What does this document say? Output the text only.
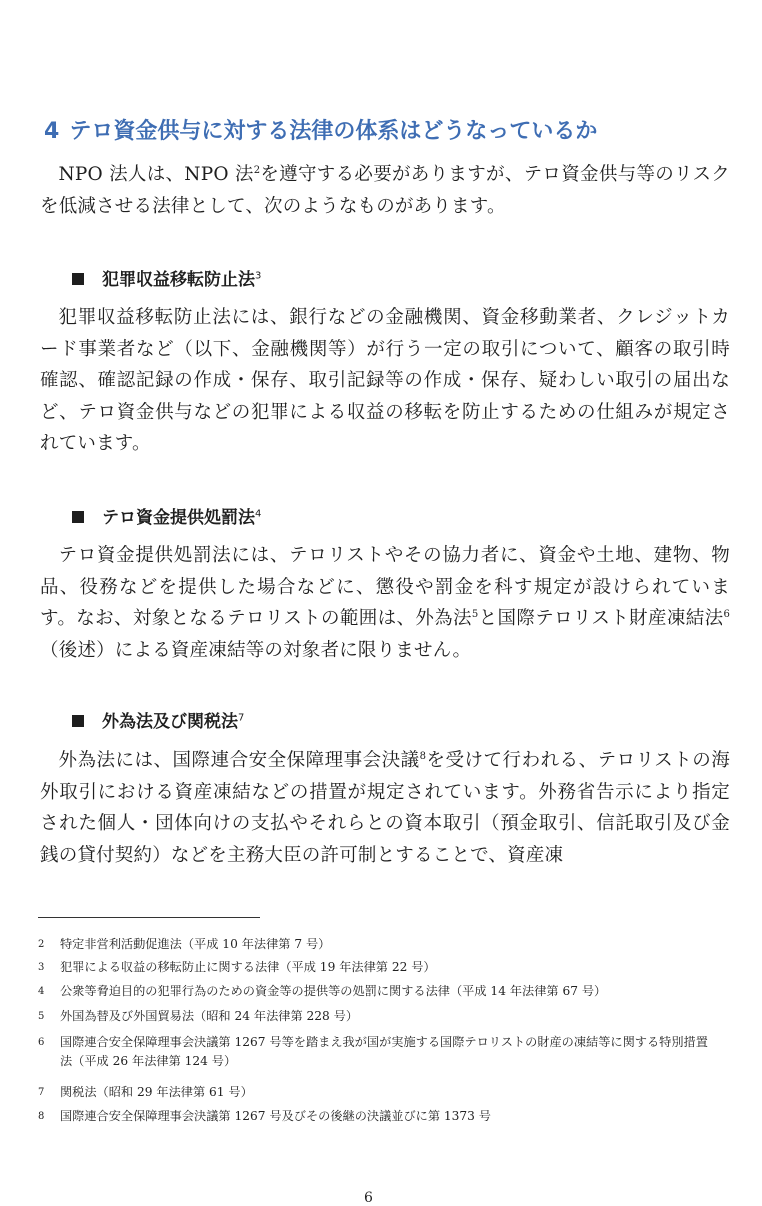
4 テロ資金供与に対する法律の体系はどうなっているか
NPO 法人は、NPO 法$^2$を遵守する必要がありますが、テロ資金供与等のリスクを低減させる法律として、次のようなものがあります。
犯罪収益移転防止法$^3$
犯罪収益移転防止法には、銀行などの金融機関、資金移動業者、クレジットカード事業者など（以下、金融機関等）が行う一定の取引について、顧客の取引時確認、確認記録の作成・保存、取引記録等の作成・保存、疑わしい取引の届出など、テロ資金供与などの犯罪による収益の移転を防止するための仕組みが規定されています。
テロ資金提供処罰法$^4$
テロ資金提供処罰法には、テロリストやその協力者に、資金や土地、建物、物品、役務などを提供した場合などに、懲役や罰金を科す規定が設けられています。なお、対象となるテロリストの範囲は、外為法$^5$と国際テロリスト財産凍結法$^6$（後述）による資産凍結等の対象者に限りません。
外為法及び関税法$^7$
外為法には、国際連合安全保障理事会決議$^8$を受けて行われる、テロリストの海外取引における資産凍結などの措置が規定されています。外務省告示により指定された個人・団体向けの支払やそれらとの資本取引（預金取引、信託取引及び金銭の貸付契約）などを主務大臣の許可制とすることで、資産凍
2 特定非営利活動促進法（平成 10 年法律第 7 号）
3 犯罪による収益の移転防止に関する法律（平成 19 年法律第 22 号）
4 公衆等脅迫目的の犯罪行為のための資金等の提供等の処罰に関する法律（平成 14 年法律第 67 号）
5 外国為替及び外国貿易法（昭和 24 年法律第 228 号）
6 国際連合安全保障理事会決議第 1267 号等を踏まえ我が国が実施する国際テロリストの財産の凍結等に関する特別措置法（平成 26 年法律第 124 号）
7 関税法（昭和 29 年法律第 61 号）
8 国際連合安全保障理事会決議第 1267 号及びその後継の決議並びに第 1373 号
6
